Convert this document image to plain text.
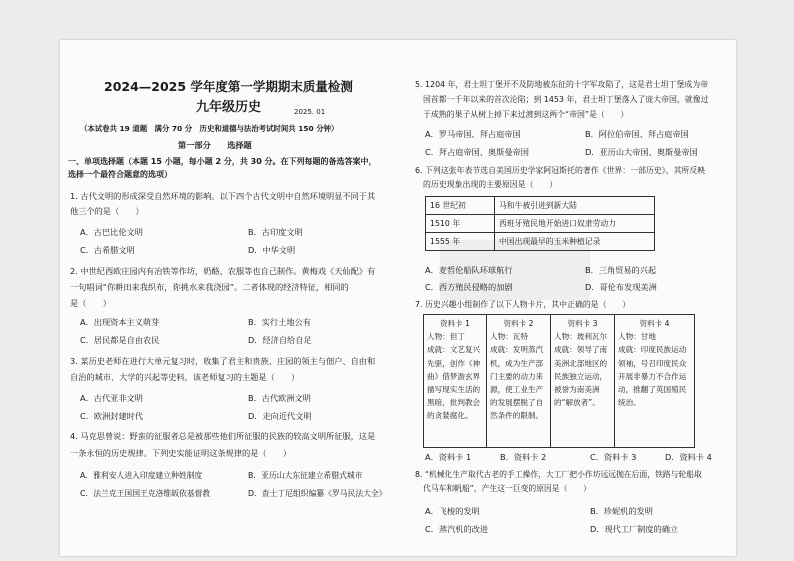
2024—2025 学年度第一学期期末质量检测
九年级历史	2025. 01
（本试卷共 19 道题　满分 70 分　历史和道德与法治考试时间共 150 分钟）
第一部分　　选择题
一、单项选择题（本题 15 小题，每小题 2 分，共 30 分。在下列每题的备选答案中，
选择一个最符合题意的选项）
1. 古代文明的形成深受自然环境的影响。以下四个古代文明中自然环境明显不同于其
他三个的是（　　）
A．古巴比伦文明	B．古印度文明
C．古希腊文明	D．中华文明
2. 中世纪西欧庄园内有冶铁等作坊，奶酪、农服等也自己制作。黄梅戏《天仙配》有
一句唱词“你耕田来我织布，你挑水来我浇园”。二者体现的经济特征，相同的
是（　　）
A．出现资本主义萌芽	B．实行土地公有
C．居民都是自由农民	D．经济自给自足
3. 某历史老师在进行大单元复习时，收集了君主和贵族、庄园的领主与佃户、自由和
自治的城市、大学的兴起等史料，该老师复习的主题是（　　）
A．古代亚非文明	B．古代欧洲文明
C．欧洲封建时代	D．走向近代文明
4. 马克思曾说：野蛮的征服者总是被那些他们所征服的民族的较高文明所征服，这是
一条永恒的历史规律。下列史实能证明这条规律的是（　　）
A．雅利安人进入印度建立种姓制度	B．亚历山大东征建立希腊式城市
C．法兰克王国国王克洛维皈依基督教	D．查士丁尼组织编纂《罗马民法大全》
5. 1204 年，君士坦丁堡开不及防地被东征的十字军攻陷了，这是君士坦丁堡成为帝
国首都一千年以来的首次沦陷；到 1453 年，君士坦丁堡落入了庞大帝国，就像过
于成熟的果子从树上掉下来过渡到这两个“帝国”是（　　）
A．罗马帝国、拜占庭帝国	B．阿拉伯帝国、拜占庭帝国
C．拜占庭帝国、奥斯曼帝国	D．亚历山大帝国、奥斯曼帝国
6. 下列这张年表节选自美国历史学家阿冠斯托的著作《世界：一部历史》，其所反映
的历史现象出现的主要原因是（　　）
16 世纪初	马和牛被引进到新大陆
1510 年	西班牙殖民地开始进口奴隶劳动力
1555 年	中国出现最早的玉米种植记录
A．麦哲伦船队环球航行	B．三角贸易的兴起
C．西方殖民侵略的加剧	D．哥伦布发现美洲
7. 历史兴趣小组制作了以下人物卡片，其中正确的是（　　）
资料卡 1
人物：但丁
成就：文艺复兴先驱，创作《神曲》借梦游玄界描写现实生活的黑暗，批判教会的贪婪腐化。
资料卡 2
人物：瓦特
成就：发明蒸汽机，成为生产部门主要的动力来源，使工业生产的发展摆脱了自然条件的限制。
资料卡 3
人物：玻利瓦尔
成就：领导了南美洲北部地区的民族独立运动，被誉为南美洲的“解放者”。
资料卡 4
人物：甘地
成就：印度民族运动领袖，号召印度民众开展非暴力不合作运动，推翻了英国殖民统治。
A．资料卡 1	B．资料卡 2	C．资料卡 3	D．资料卡 4
8. “机械化生产取代古老的手工操作，大工厂把小作坊远远抛在后面，铁路与轮船取
代马车和帆船”，产生这一巨变的原因是（　　）
A．飞梭的发明	B．珍妮机的发明
C．蒸汽机的改进	D．现代工厂制度的确立
